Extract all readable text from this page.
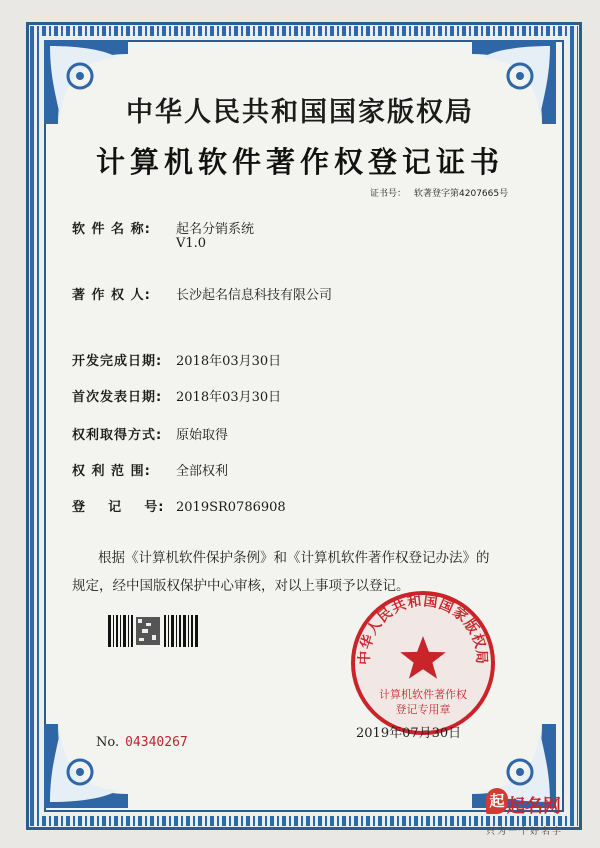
中华人民共和国国家版权局
计算机软件著作权登记证书
证书号： 软著登字第4207665号
软 件 名 称: 起名分销系统
V1.0
著 作 权 人: 长沙起名信息科技有限公司
开发完成日期: 2018年03月30日
首次发表日期: 2018年03月30日
权利取得方式: 原始取得
权 利 范 围: 全部权利
登    记    号: 2019SR0786908
根据《计算机软件保护条例》和《计算机软件著作权登记办法》的
规定，经中国版权保护中心审核，对以上事项予以登记。
中华人民共和国国家版权局
计算机软件著作权
登记专用章
2019年07月30日
No. 04340267
起 起名网
只为一个好名字
